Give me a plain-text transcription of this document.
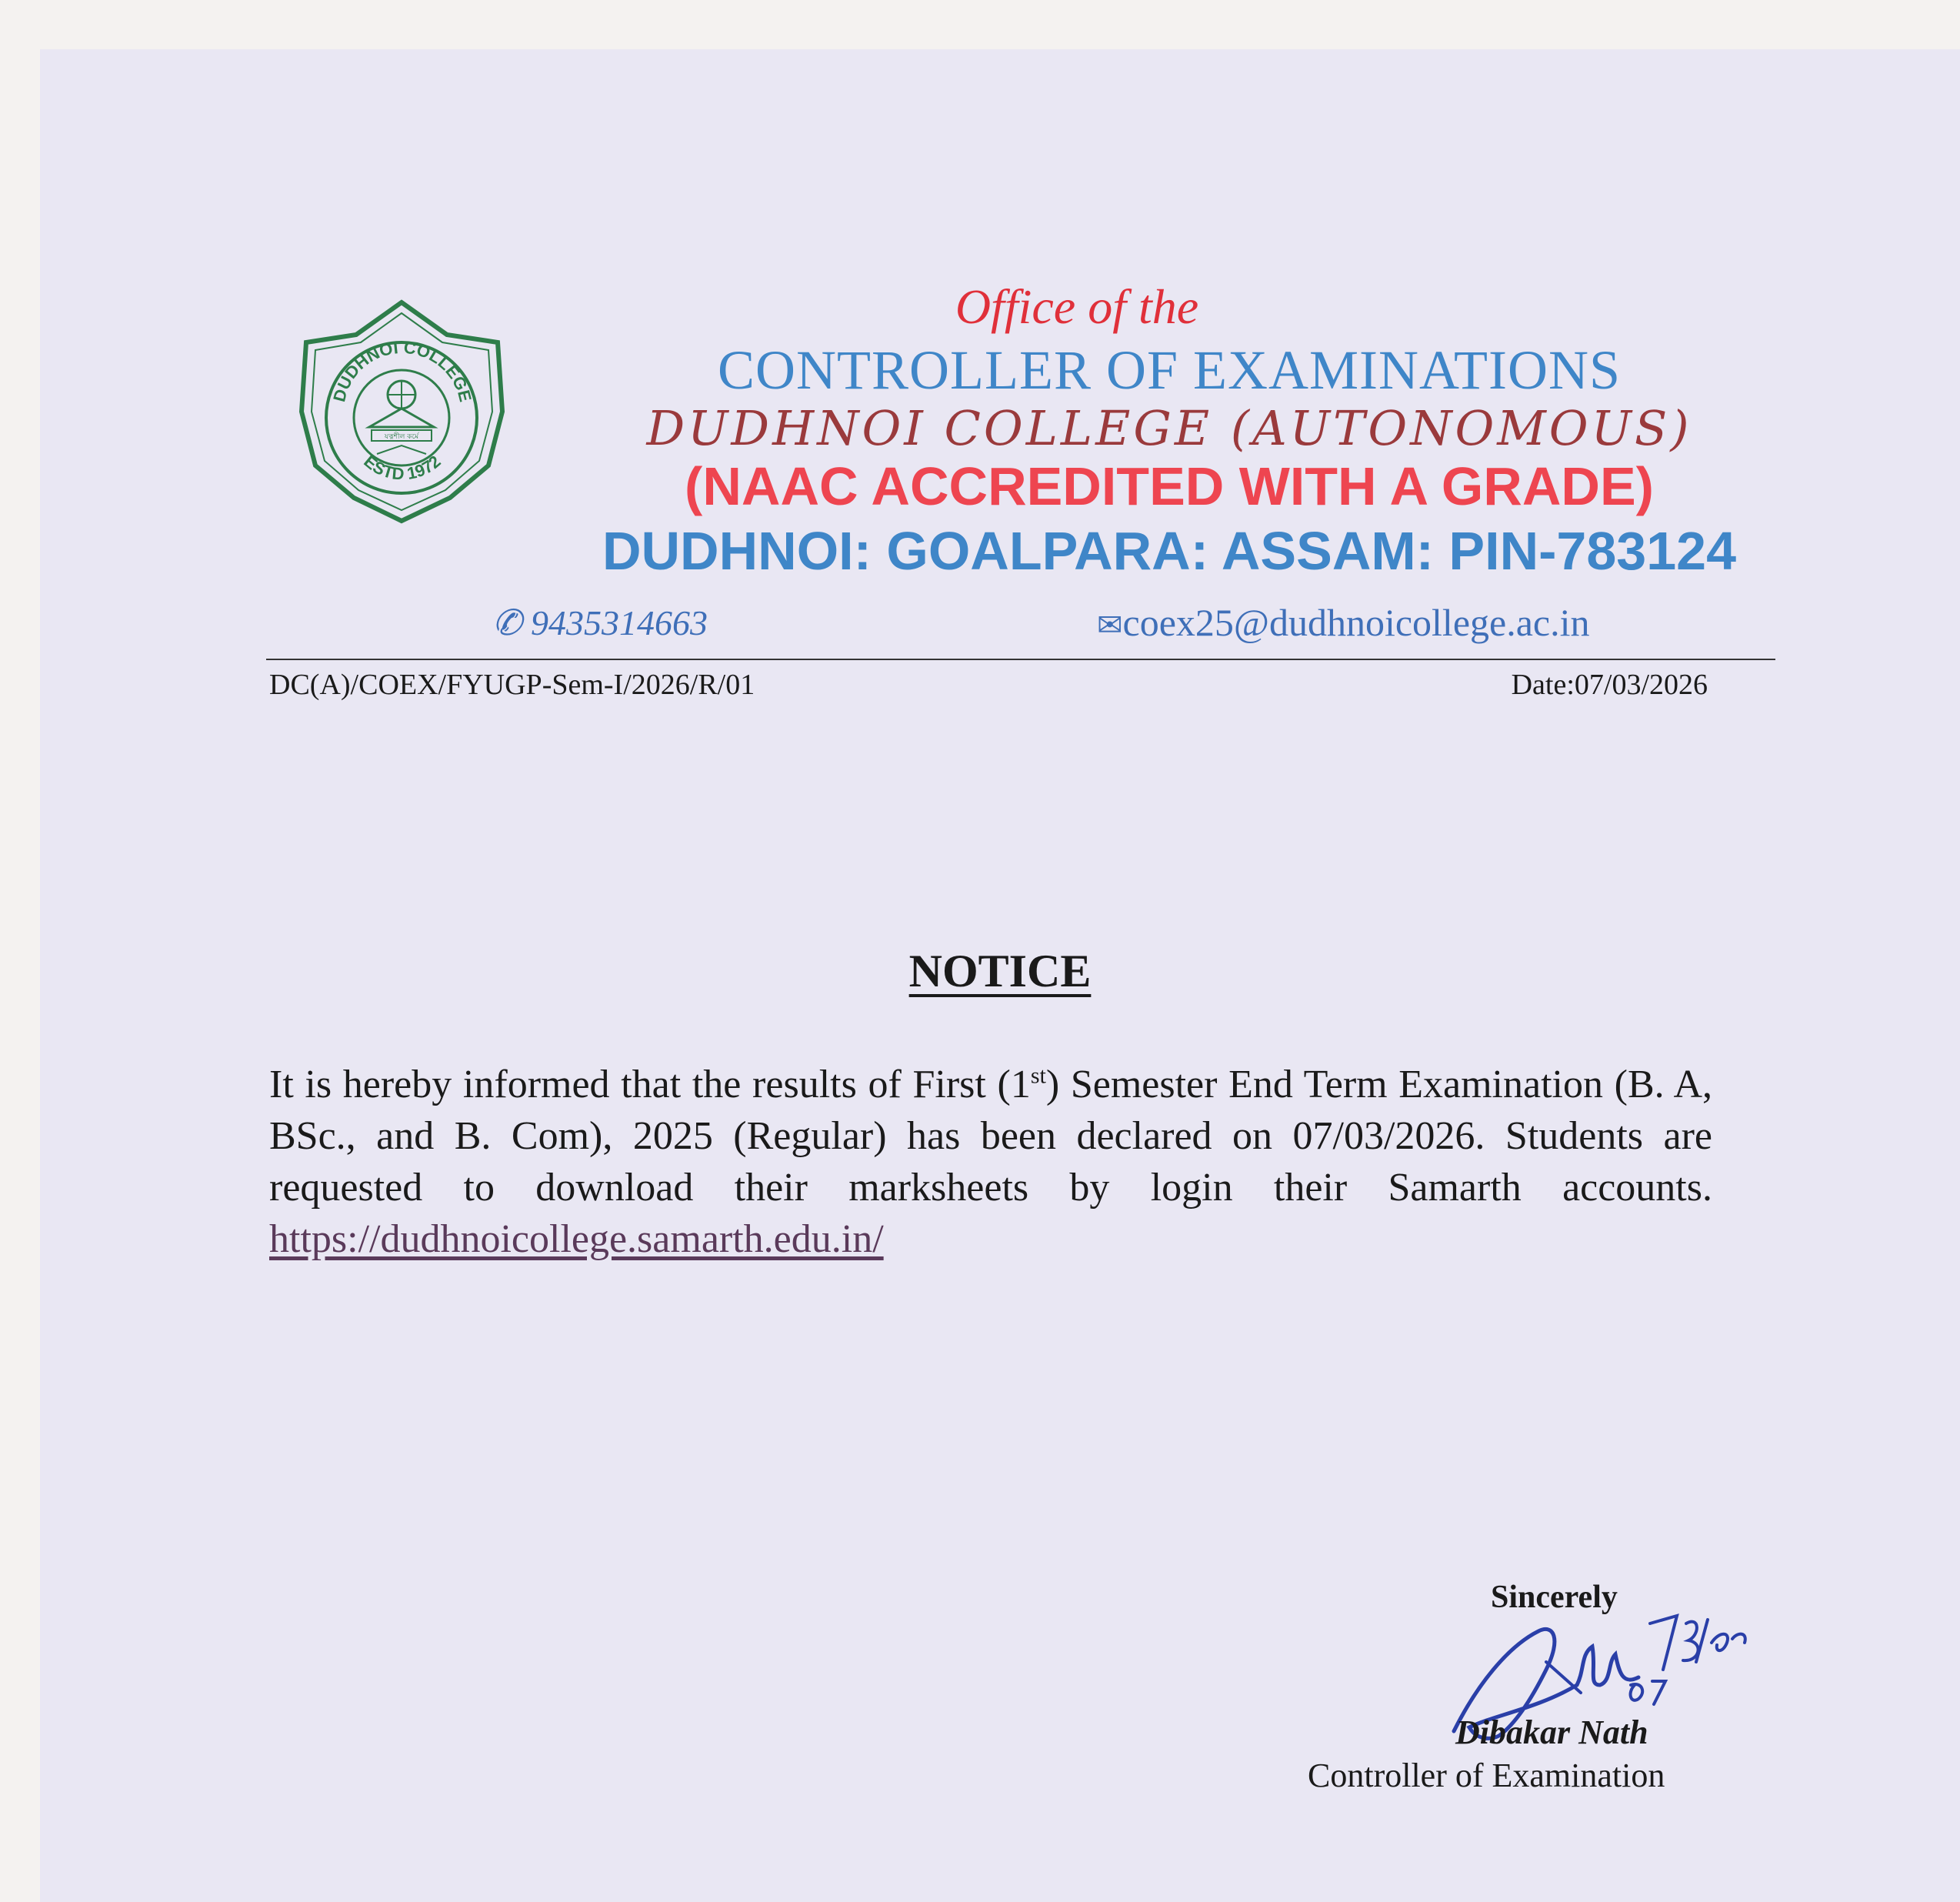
DUDHNOI COLLEGE
ESTD 1972
যত্নশীল কর্মে
Office of the
CONTROLLER OF EXAMINATIONS
DUDHNOI COLLEGE (AUTONOMOUS)
(NAAC ACCREDITED WITH A GRADE)
DUDHNOI: GOALPARA: ASSAM: PIN-783124
✆ 9435314663	✉coex25@dudhnoicollege.ac.in
DC(A)/COEX/FYUGP-Sem-I/2026/R/01	Date:07/03/2026
NOTICE
It is hereby informed that the results of First (1st) Semester End Term Examination (B. A, BSc., and B. Com), 2025 (Regular) has been declared on 07/03/2026. Students are requested to download their marksheets by login their Samarth accounts. https://dudhnoicollege.samarth.edu.in/
Sincerely
Dibakar Nath
Controller of Examination
